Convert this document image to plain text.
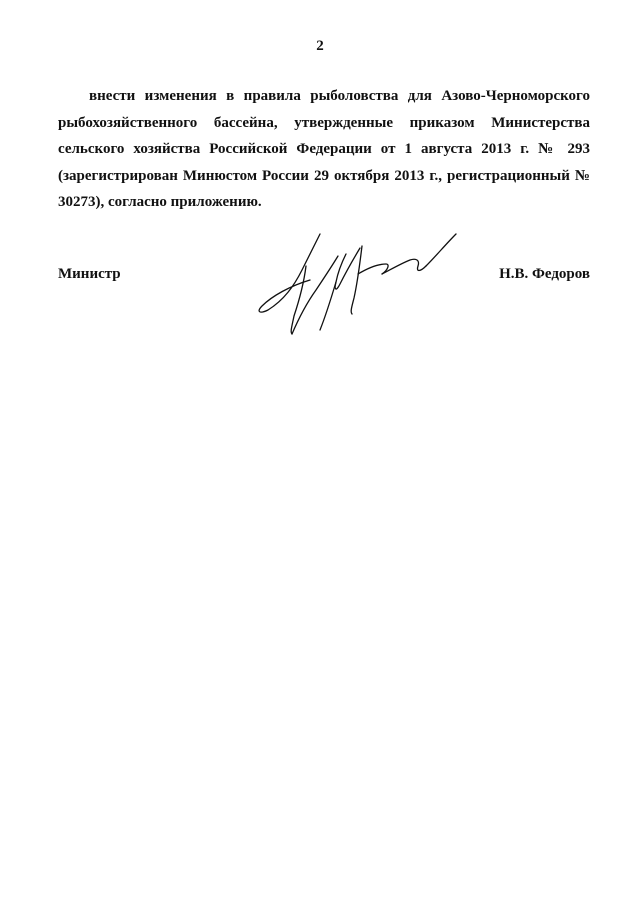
2

внести изменения в правила рыболовства для Азово-Черноморского рыбохозяйственного бассейна, утвержденные приказом Министерства сельского хозяйства Российской Федерации от 1 августа 2013 г. № 293 (зарегистрирован Минюстом России 29 октября 2013 г., регистрационный № 30273), согласно приложению.

Министр	Н.В. Федоров
